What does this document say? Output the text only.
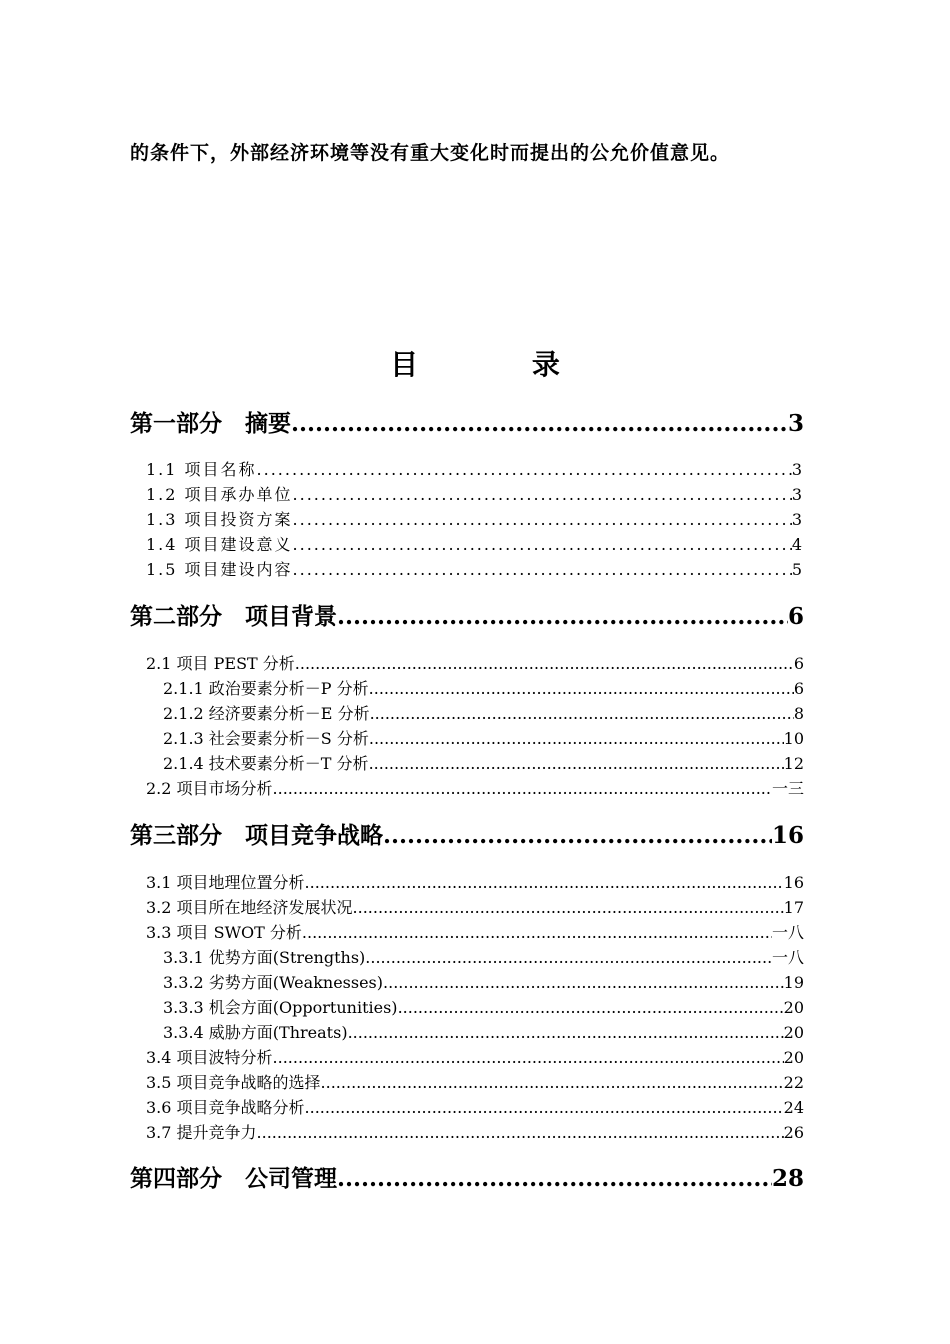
的条件下，外部经济环境等没有重大变化时而提出的公允价值意见。
目 录
第一部分　摘要 .....	3
1.1 项目名称 .....	3
1.2 项目承办单位 .....	3
1.3 项目投资方案 .....	3
1.4 项目建设意义 .....	4
1.5 项目建设内容 .....	5
第二部分　项目背景 .....	6
2.1 项目 PEST 分析 .....	6
2.1.1 政治要素分析－P 分析 .....	6
2.1.2 经济要素分析－E 分析 .....	8
2.1.3 社会要素分析－S 分析 .....	10
2.1.4 技术要素分析－T 分析 .....	12
2.2 项目市场分析 .....	一三
第三部分　项目竞争战略 .....	16
3.1 项目地理位置分析 .....	16
3.2 项目所在地经济发展状况 .....	17
3.3 项目 SWOT 分析 .....	一八
3.3.1 优势方面(Strengths) .....	一八
3.3.2 劣势方面(Weaknesses) .....	19
3.3.3 机会方面(Opportunities) .....	20
3.3.4 威胁方面(Threats) .....	20
3.4 项目波特分析 .....	20
3.5 项目竞争战略的选择 .....	22
3.6 项目竞争战略分析 .....	24
3.7 提升竞争力 .....	26
第四部分　公司管理 .....	28
